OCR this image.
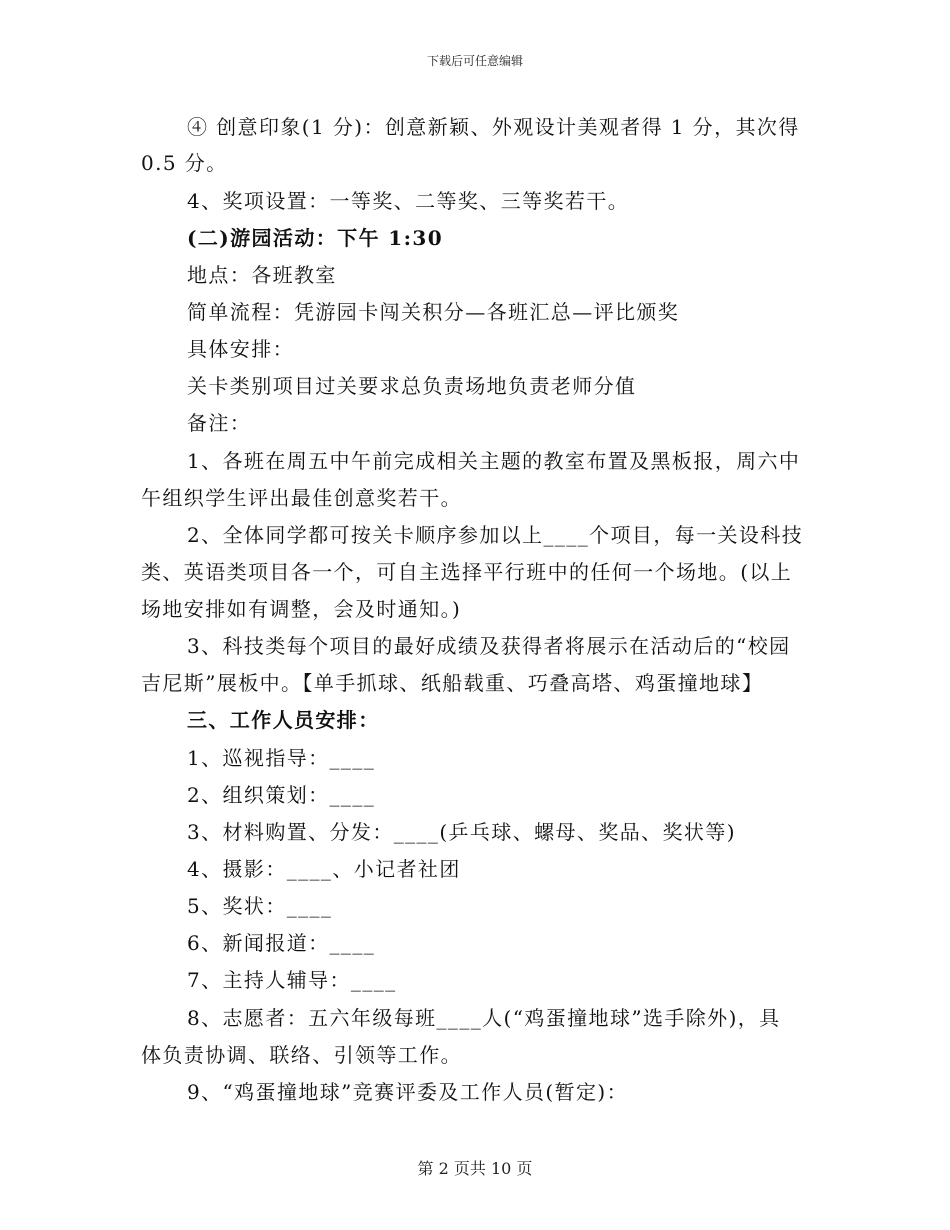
下载后可任意编辑
④ 创意印象(1 分)：创意新颖、外观设计美观者得 1 分，其次得
0.5 分。
4、奖项设置：一等奖、二等奖、三等奖若干。
(二)游园活动：下午 1:30
地点：各班教室
简单流程：凭游园卡闯关积分—各班汇总—评比颁奖
具体安排：
关卡类别项目过关要求总负责场地负责老师分值
备注：
1、各班在周五中午前完成相关主题的教室布置及黑板报，周六中
午组织学生评出最佳创意奖若干。
2、全体同学都可按关卡顺序参加以上____个项目，每一关设科技
类、英语类项目各一个，可自主选择平行班中的任何一个场地。(以上
场地安排如有调整，会及时通知。)
3、科技类每个项目的最好成绩及获得者将展示在活动后的“校园
吉尼斯”展板中。【单手抓球、纸船载重、巧叠高塔、鸡蛋撞地球】
三、工作人员安排：
1、巡视指导：____
2、组织策划：____
3、材料购置、分发：____(乒乓球、螺母、奖品、奖状等)
4、摄影：____、小记者社团
5、奖状：____
6、新闻报道：____
7、主持人辅导：____
8、志愿者：五六年级每班____人(“鸡蛋撞地球”选手除外)，具
体负责协调、联络、引领等工作。
9、“鸡蛋撞地球”竞赛评委及工作人员(暂定)：
第 2 页共 10 页
